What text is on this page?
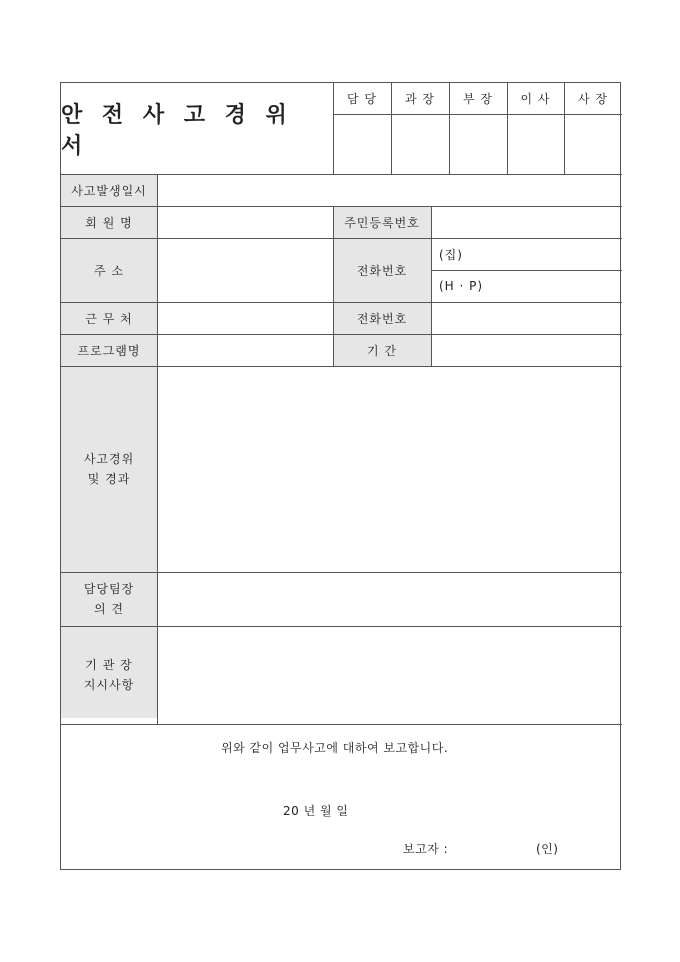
안 전 사 고 경 위 서
담 당	과 장	부 장	이 사	사 장
사고발생일시
회 원 명	주민등록번호
주 소	전화번호
(집)
(H · P)
근 무 처	전화번호
프로그램명	기 간
사고경위
및 경과
담당팀장
의 견
기 관 장
지시사항
위와 같이 업무사고에 대하여 보고합니다.
20 년 월 일
보고자 :	(인)
